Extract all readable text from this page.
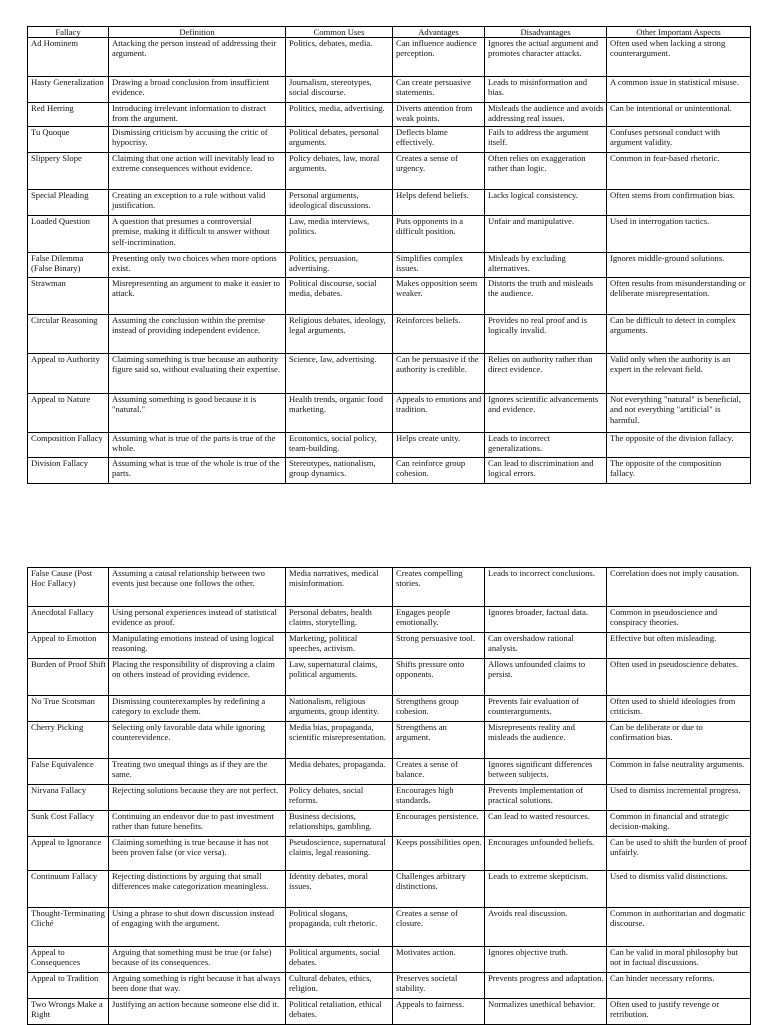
Fallacy	Definition	Common Uses	Advantages	Disadvantages	Other Important Aspects
Ad Hominem	Attacking the person instead of addressing their argument.	Politics, debates, media.	Can influence audience perception.	Ignores the actual argument and promotes character attacks.	Often used when lacking a strong counterargument.
Hasty Generalization	Drawing a broad conclusion from insufficient evidence.	Journalism, stereotypes, social discourse.	Can create persuasive statements.	Leads to misinformation and bias.	A common issue in statistical misuse.
Red Herring	Introducing irrelevant information to distract from the argument.	Politics, media, advertising.	Diverts attention from weak points.	Misleads the audience and avoids addressing real issues.	Can be intentional or unintentional.
Tu Quoque	Dismissing criticism by accusing the critic of hypocrisy.	Political debates, personal arguments.	Deflects blame effectively.	Fails to address the argument itself.	Confuses personal conduct with argument validity.
Slippery Slope	Claiming that one action will inevitably lead to extreme consequences without evidence.	Policy debates, law, moral arguments.	Creates a sense of urgency.	Often relies on exaggeration rather than logic.	Common in fear-based rhetoric.
Special Pleading	Creating an exception to a rule without valid justification.	Personal arguments, ideological discussions.	Helps defend beliefs.	Lacks logical consistency.	Often stems from confirmation bias.
Loaded Question	A question that presumes a controversial premise, making it difficult to answer without self-incrimination.	Law, media interviews, politics.	Puts opponents in a difficult position.	Unfair and manipulative.	Used in interrogation tactics.
False Dilemma (False Binary)	Presenting only two choices when more options exist.	Politics, persuasion, advertising.	Simplifies complex issues.	Misleads by excluding alternatives.	Ignores middle-ground solutions.
Strawman	Misrepresenting an argument to make it easier to attack.	Political discourse, social media, debates.	Makes opposition seem weaker.	Distorts the truth and misleads the audience.	Often results from misunderstanding or deliberate misrepresentation.
Circular Reasoning	Assuming the conclusion within the premise instead of providing independent evidence.	Religious debates, ideology, legal arguments.	Reinforces beliefs.	Provides no real proof and is logically invalid.	Can be difficult to detect in complex arguments.
Appeal to Authority	Claiming something is true because an authority figure said so, without evaluating their expertise.	Science, law, advertising.	Can be persuasive if the authority is credible.	Relies on authority rather than direct evidence.	Valid only when the authority is an expert in the relevant field.
Appeal to Nature	Assuming something is good because it is "natural."	Health trends, organic food marketing.	Appeals to emotions and tradition.	Ignores scientific advancements and evidence.	Not everything "natural" is beneficial, and not everything "artificial" is harmful.
Composition Fallacy	Assuming what is true of the parts is true of the whole.	Economics, social policy, team-building.	Helps create unity.	Leads to incorrect generalizations.	The opposite of the division fallacy.
Division Fallacy	Assuming what is true of the whole is true of the parts.	Stereotypes, nationalism, group dynamics.	Can reinforce group cohesion.	Can lead to discrimination and logical errors.	The opposite of the composition fallacy.
False Cause (Post Hoc Fallacy)	Assuming a causal relationship between two events just because one follows the other.	Media narratives, medical misinformation.	Creates compelling stories.	Leads to incorrect conclusions.	Correlation does not imply causation.
Anecdotal Fallacy	Using personal experiences instead of statistical evidence as proof.	Personal debates, health claims, storytelling.	Engages people emotionally.	Ignores broader, factual data.	Common in pseudoscience and conspiracy theories.
Appeal to Emotion	Manipulating emotions instead of using logical reasoning.	Marketing, political speeches, activism.	Strong persuasive tool.	Can overshadow rational analysis.	Effective but often misleading.
Burden of Proof Shift	Placing the responsibility of disproving a claim on others instead of providing evidence.	Law, supernatural claims, political arguments.	Shifts pressure onto opponents.	Allows unfounded claims to persist.	Often used in pseudoscience debates.
No True Scotsman	Dismissing counterexamples by redefining a category to exclude them.	Nationalism, religious arguments, group identity.	Strengthens group cohesion.	Prevents fair evaluation of counterarguments.	Often used to shield ideologies from criticism.
Cherry Picking	Selecting only favorable data while ignoring counterevidence.	Media bias, propaganda, scientific misrepresentation.	Strengthens an argument.	Misrepresents reality and misleads the audience.	Can be deliberate or due to confirmation bias.
False Equivalence	Treating two unequal things as if they are the same.	Media debates, propaganda.	Creates a sense of balance.	Ignores significant differences between subjects.	Common in false neutrality arguments.
Nirvana Fallacy	Rejecting solutions because they are not perfect.	Policy debates, social reforms.	Encourages high standards.	Prevents implementation of practical solutions.	Used to dismiss incremental progress.
Sunk Cost Fallacy	Continuing an endeavor due to past investment rather than future benefits.	Business decisions, relationships, gambling.	Encourages persistence.	Can lead to wasted resources.	Common in financial and strategic decision-making.
Appeal to Ignorance	Claiming something is true because it has not been proven false (or vice versa).	Pseudoscience, supernatural claims, legal reasoning.	Keeps possibilities open.	Encourages unfounded beliefs.	Can be used to shift the burden of proof unfairly.
Continuum Fallacy	Rejecting distinctions by arguing that small differences make categorization meaningless.	Identity debates, moral issues.	Challenges arbitrary distinctions.	Leads to extreme skepticism.	Used to dismiss valid distinctions.
Thought-Terminating Cliché	Using a phrase to shut down discussion instead of engaging with the argument.	Political slogans, propaganda, cult rhetoric.	Creates a sense of closure.	Avoids real discussion.	Common in authoritarian and dogmatic discourse.
Appeal to Consequences	Arguing that something must be true (or false) because of its consequences.	Political arguments, social debates.	Motivates action.	Ignores objective truth.	Can be valid in moral philosophy but not in factual discussions.
Appeal to Tradition	Arguing something is right because it has always been done that way.	Cultural debates, ethics, religion.	Preserves societal stability.	Prevents progress and adaptation.	Can hinder necessary reforms.
Two Wrongs Make a Right	Justifying an action because someone else did it.	Political retaliation, ethical debates.	Appeals to fairness.	Normalizes unethical behavior.	Often used to justify revenge or retribution.
